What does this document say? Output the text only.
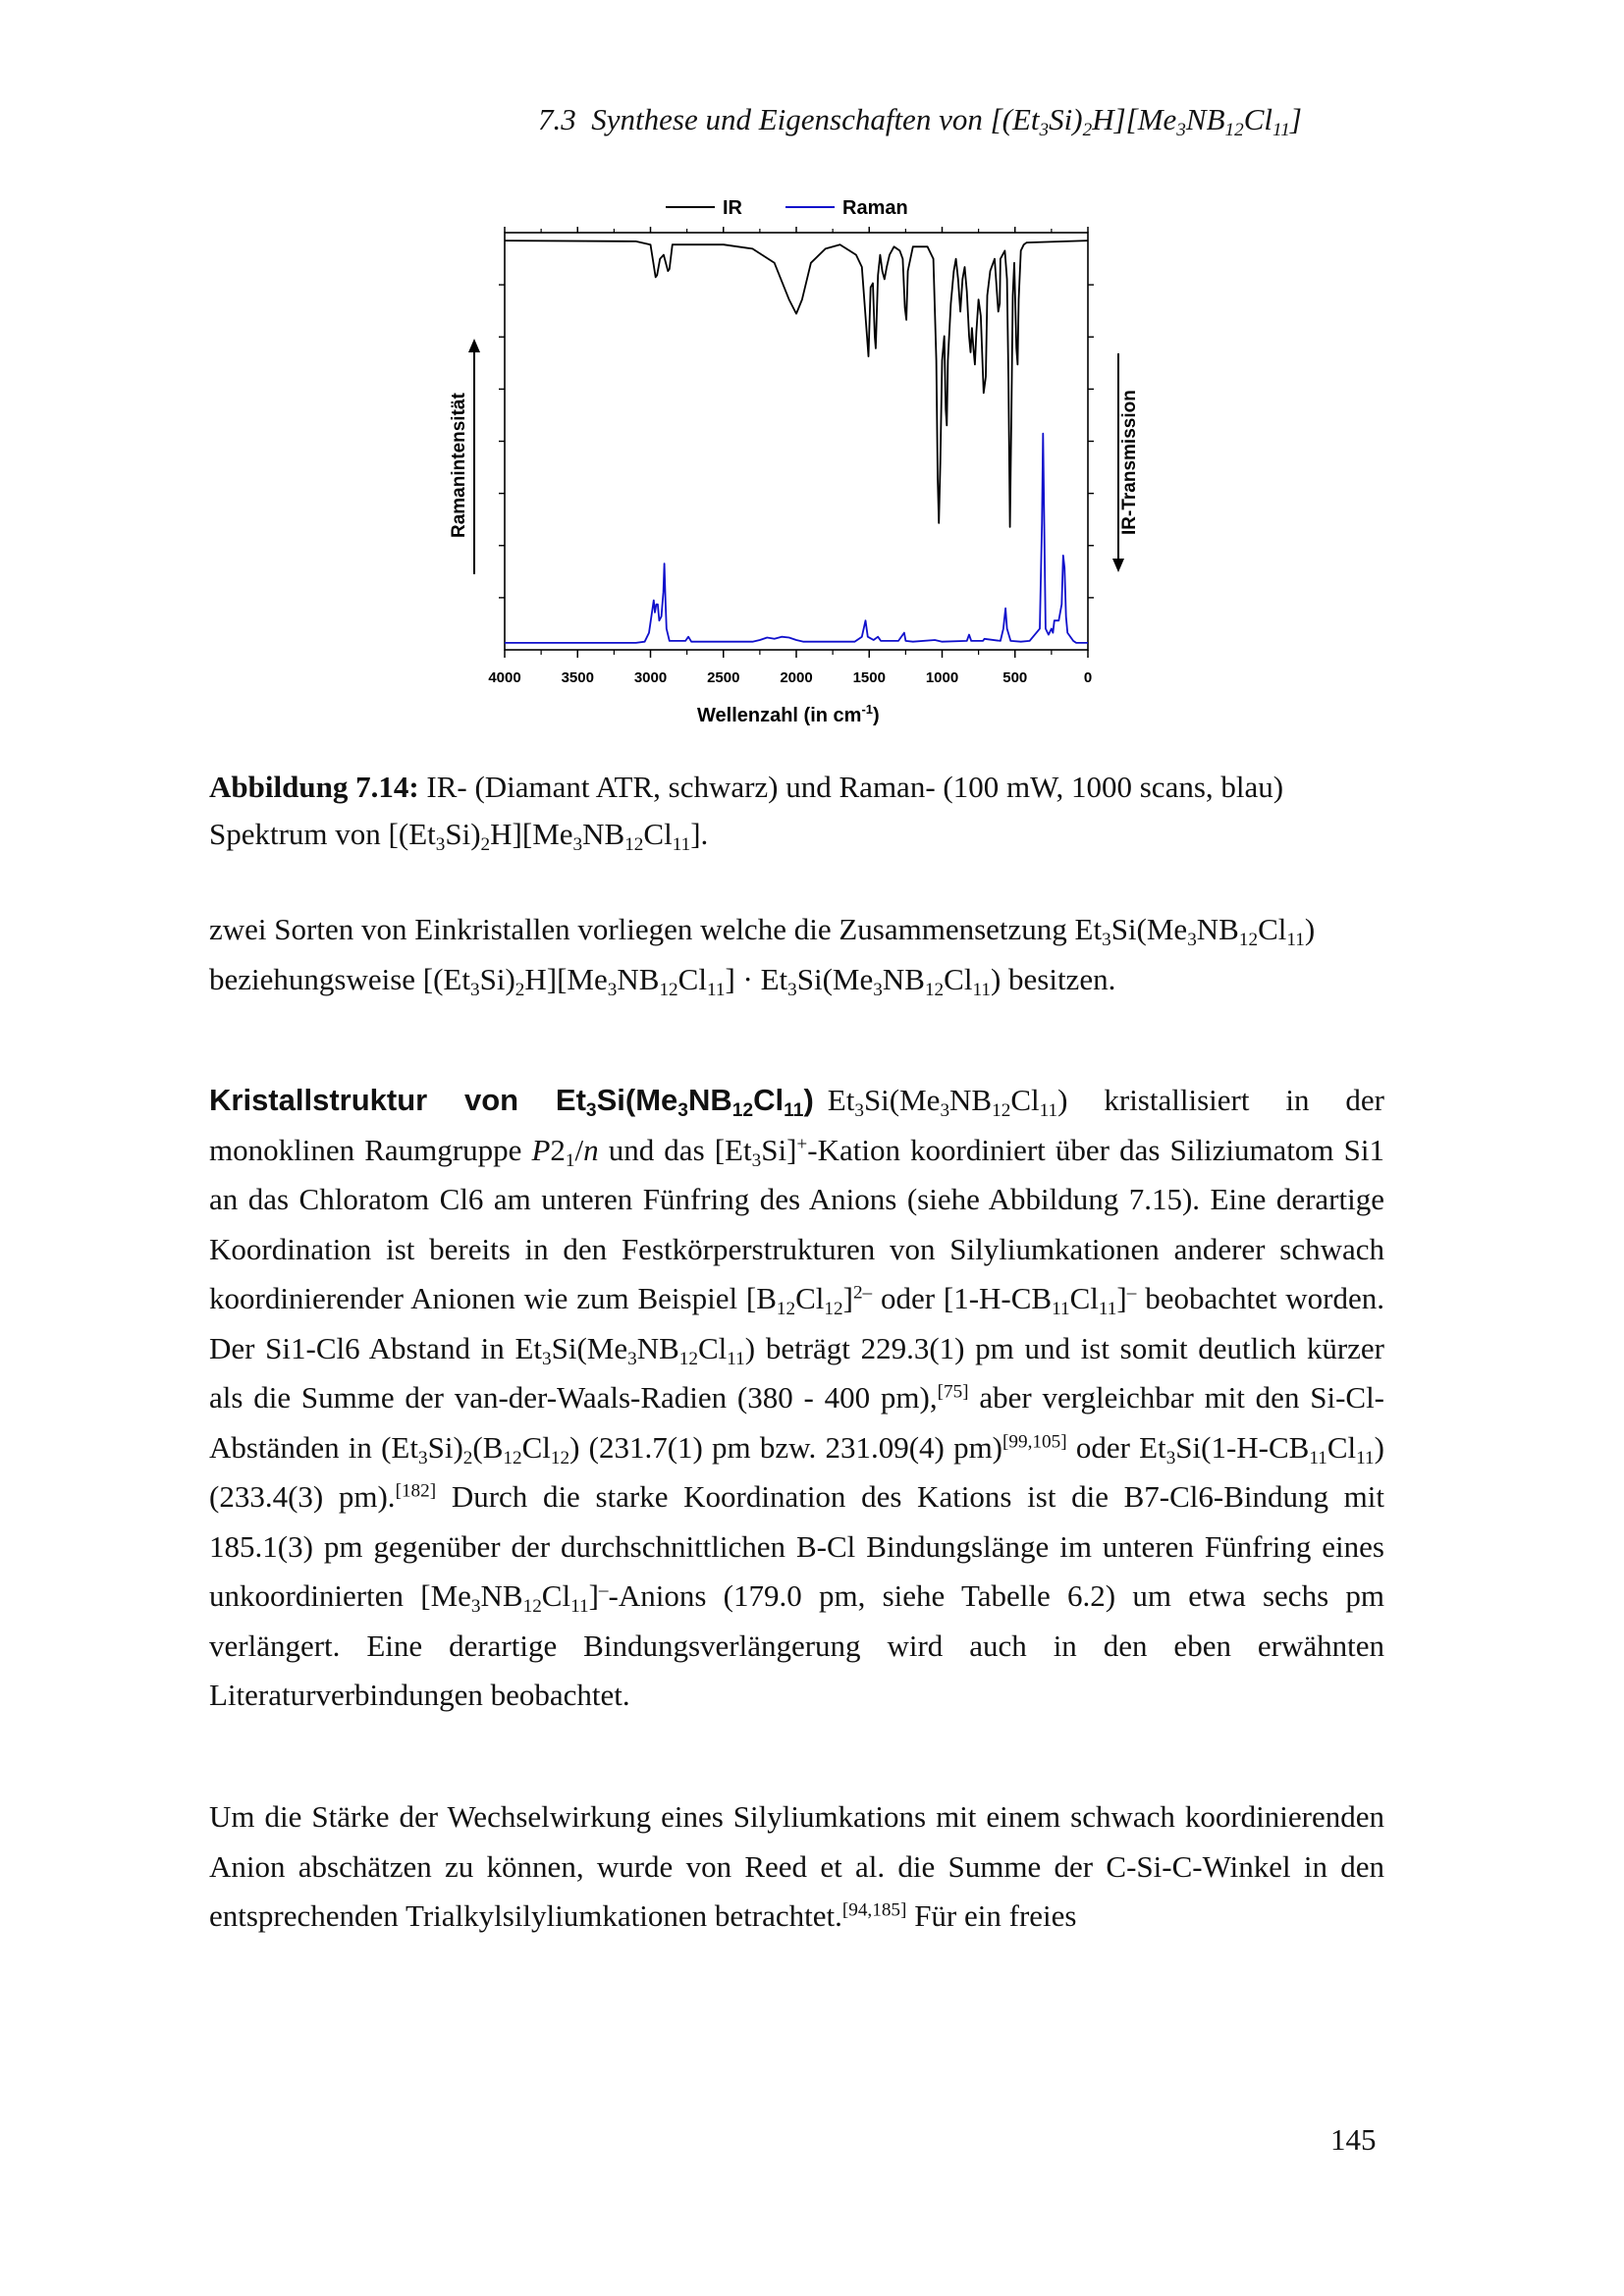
7.3 Synthese und Eigenschaften von $[(Et_3Si)_2H][Me_3NB_{12}Cl_{11}]$
IR	Raman
4000	3500	3000	2500	2000	1500	1000	500	0
Wellenzahl (in $cm^{-1}$)
Ramanintensität	IR-Transmission
Abbildung 7.14: IR- (Diamant ATR, schwarz) und Raman- (100 mW, 1000 scans, blau)
Spektrum von $[(Et_3Si)_2H][Me_3NB_{12}Cl_{11}]$.
zwei Sorten von Einkristallen vorliegen welche die Zusammensetzung $Et_3Si(Me_3NB_{12}Cl_{11})$
beziehungsweise $[(Et_3Si)_2H][Me_3NB_{12}Cl_{11}] \cdot Et_3Si(Me_3NB_{12}Cl_{11})$ besitzen.
Kristallstruktur von $Et_3Si(Me_3NB_{12}Cl_{11})$ $Et_3Si(Me_3NB_{12}Cl_{11})$ kristallisiert in der monoklinen Raumgruppe $P2_1/n$ und das $[Et_3Si]^+$-Kation koordiniert über das Siliziumatom Si1 an das Chloratom Cl6 am unteren Fünfring des Anions (siehe Abbildung 7.15). Eine derartige Koordination ist bereits in den Festkörperstrukturen von Silyliumkationen anderer schwach koordinierender Anionen wie zum Beispiel $[B_{12}Cl_{12}]^{2-}$ oder $[1-H-CB_{11}Cl_{11}]^-$ beobachtet worden. Der Si1-Cl6 Abstand in $Et_3Si(Me_3NB_{12}Cl_{11})$ beträgt 229.3(1) pm und ist somit deutlich kürzer als die Summe der van-der-Waals-Radien (380 - 400 pm),[75] aber vergleichbar mit den Si-Cl-Abständen in $(Et_3Si)_2(B_{12}Cl_{12})$ (231.7(1) pm bzw. 231.09(4) pm)[99,105] oder $Et_3Si(1-H-CB_{11}Cl_{11})$ (233.4(3) pm).[182] Durch die starke Koordination des Kations ist die B7-Cl6-Bindung mit 185.1(3) pm gegenüber der durchschnittlichen B-Cl Bindungslänge im unteren Fünfring eines unkoordinierten $[Me_3NB_{12}Cl_{11}]^-$-Anions (179.0 pm, siehe Tabelle 6.2) um etwa sechs pm verlängert. Eine derartige Bindungsverlängerung wird auch in den eben erwähnten Literaturverbindungen beobachtet.
Um die Stärke der Wechselwirkung eines Silyliumkations mit einem schwach koordinierenden Anion abschätzen zu können, wurde von Reed et al. die Summe der C-Si-C-Winkel in den entsprechenden Trialkylsilyliumkationen betrachtet.[94,185] Für ein freies
145
